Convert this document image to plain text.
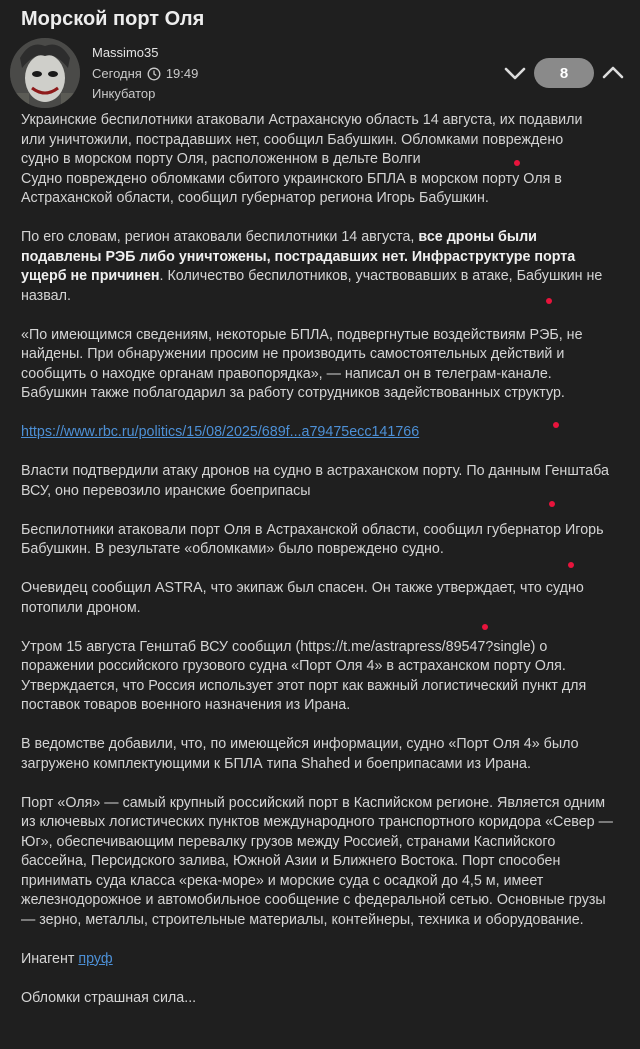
Морской порт Оля
Massimo35
Сегодня 19:49
Инкубатор
8

Украинские беспилотники атаковали Астраханскую область 14 августа, их подавили
или уничтожили, пострадавших нет, сообщил Бабушкин. Обломками повреждено
судно в морском порту Оля, расположенном в дельте Волги
Судно повреждено обломками сбитого украинского БПЛА в морском порту Оля в
Астраханской области, сообщил губернатор региона Игорь Бабушкин.

По его словам, регион атаковали беспилотники 14 августа, все дроны были подавлены РЭБ либо уничтожены, пострадавших нет. Инфраструктуре порта ущерб не причинен. Количество беспилотников, участвовавших в атаке, Бабушкин не назвал.

«По имеющимся сведениям, некоторые БПЛА, подвергнутые воздействиям РЭБ, не найдены. При обнаружении просим не производить самостоятельных действий и сообщить о находке органам правопорядка», — написал он в телеграм-канале. Бабушкин также поблагодарил за работу сотрудников задействованных структур.

https://www.rbc.ru/politics/15/08/2025/689f...a79475ecc141766

Власти подтвердили атаку дронов на судно в астраханском порту. По данным Генштаба ВСУ, оно перевозило иранские боеприпасы

Беспилотники атаковали порт Оля в Астраханской области, сообщил губернатор Игорь Бабушкин. В результате «обломками» было повреждено судно.

Очевидец сообщил ASTRA, что экипаж был спасен. Он также утверждает, что судно потопили дроном.

Утром 15 августа Генштаб ВСУ сообщил (https://t.me/astrapress/89547?single) о поражении российского грузового судна «Порт Оля 4» в астраханском порту Оля. Утверждается, что Россия использует этот порт как важный логистический пункт для поставок товаров военного назначения из Ирана.

В ведомстве добавили, что, по имеющейся информации, судно «Порт Оля 4» было загружено комплектующими к БПЛА типа Shahed и боеприпасами из Ирана.

Порт «Оля» — самый крупный российский порт в Каспийском регионе. Является одним из ключевых логистических пунктов международного транспортного коридора «Север — Юг», обеспечивающим перевалку грузов между Россией, странами Каспийского бассейна, Персидского залива, Южной Азии и Ближнего Востока. Порт способен принимать суда класса «река-море» и морские суда с осадкой до 4,5 м, имеет железнодорожное и автомобильное сообщение с федеральной сетью. Основные грузы — зерно, металлы, строительные материалы, контейнеры, техника и оборудование.

Инагент пруф

Обломки страшная сила...
